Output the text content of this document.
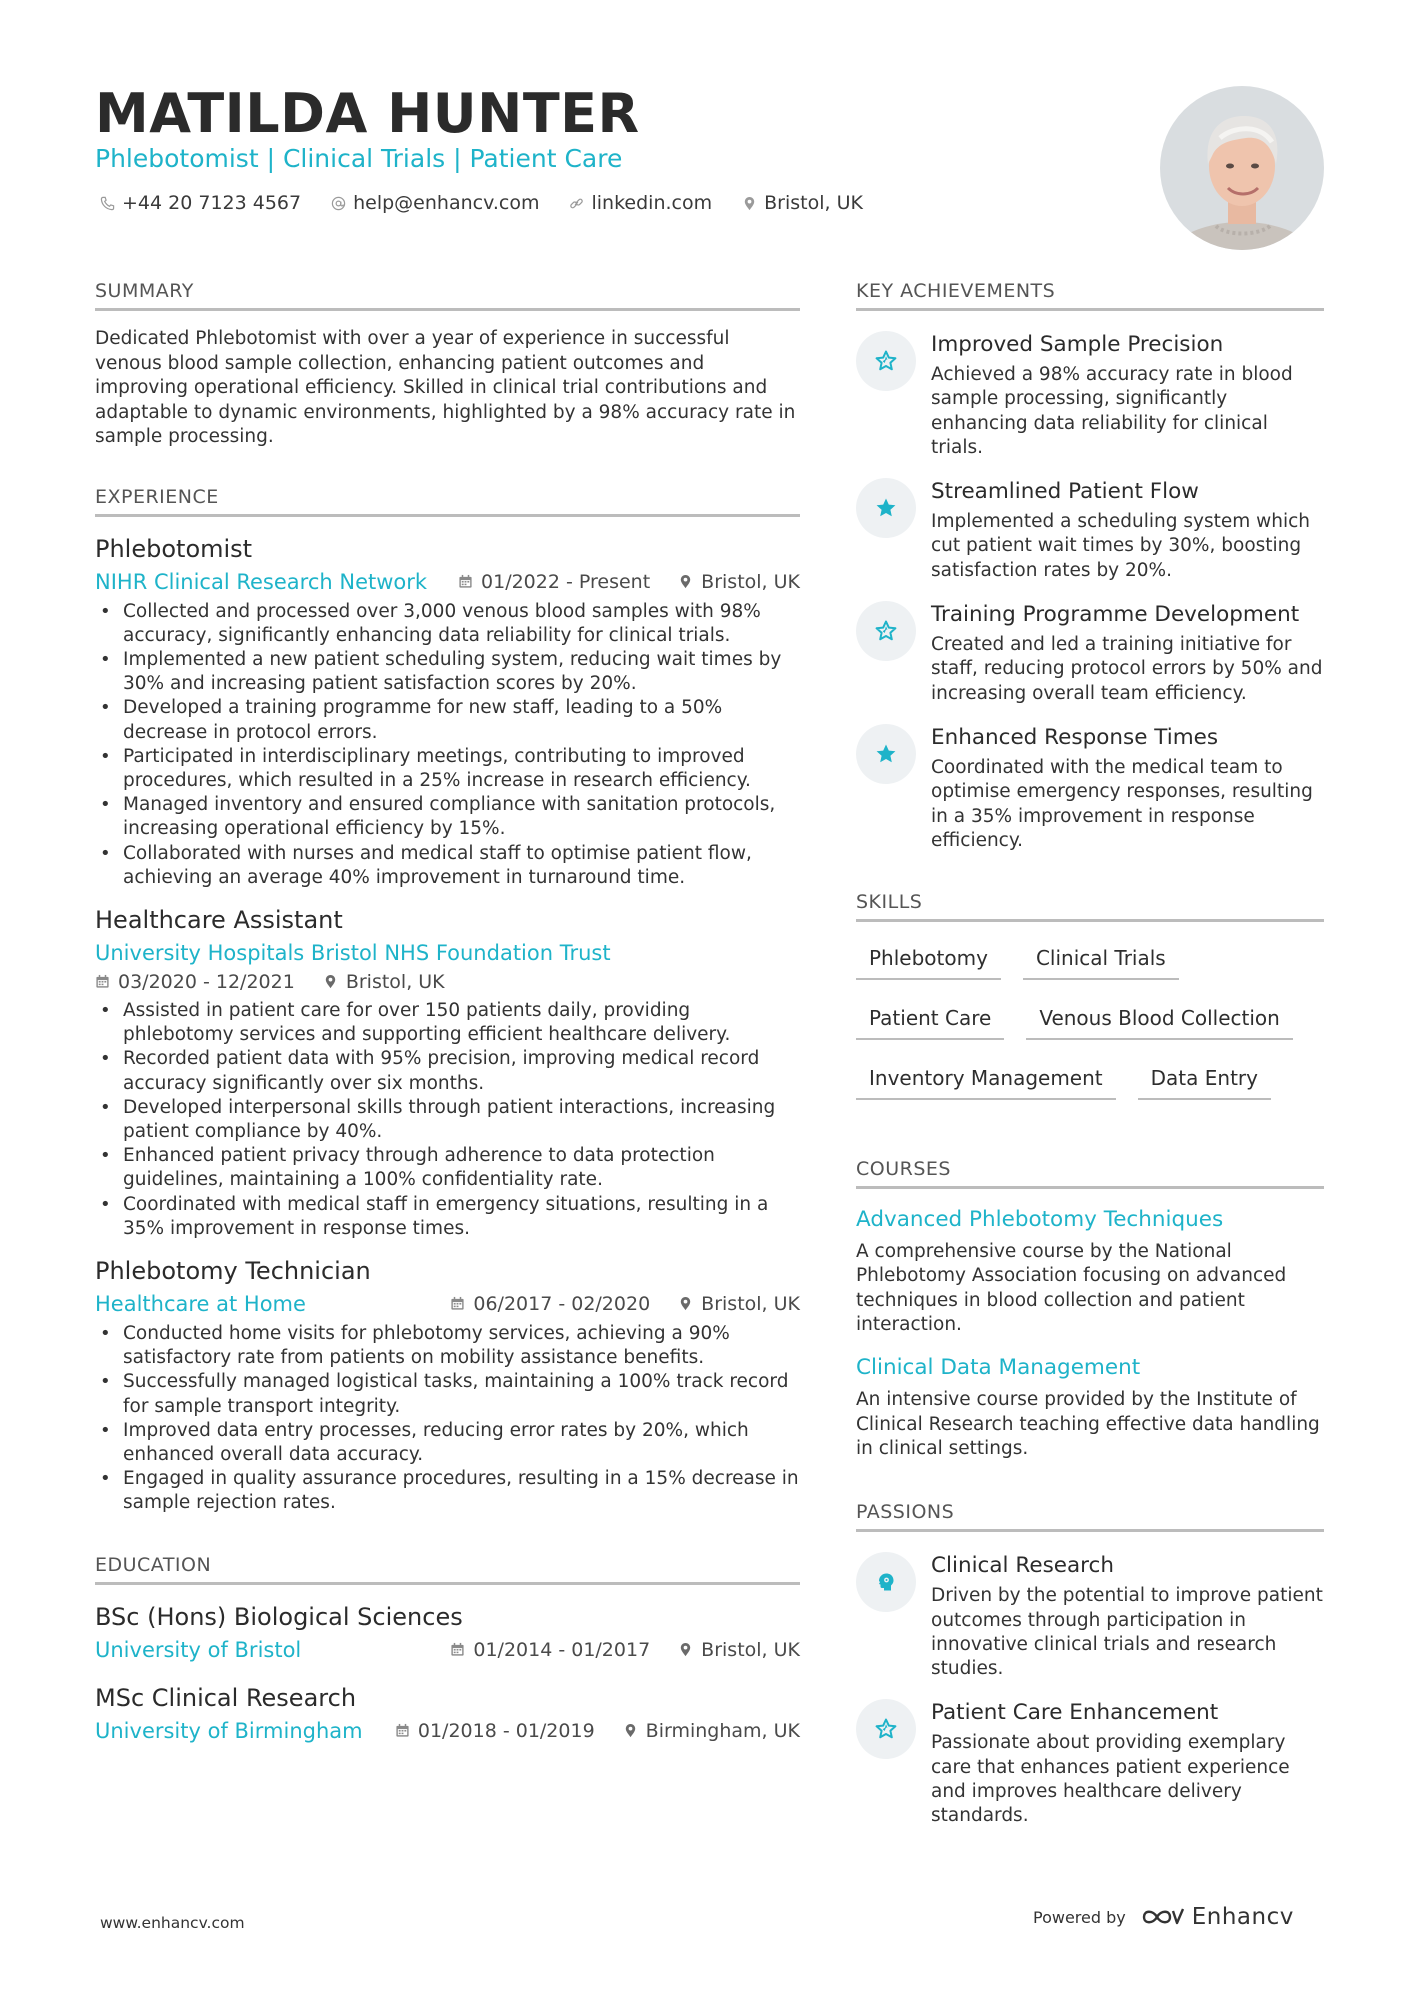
MATILDA HUNTER
Phlebotomist | Clinical Trials | Patient Care
+44 20 7123 4567	help@enhancv.com	linkedin.com	Bristol, UK
SUMMARY
Dedicated Phlebotomist with over a year of experience in successful venous blood sample collection, enhancing patient outcomes and improving operational efficiency. Skilled in clinical trial contributions and adaptable to dynamic environments, highlighted by a 98% accuracy rate in sample processing.
EXPERIENCE
Phlebotomist
NIHR Clinical Research Network	01/2022 - Present	Bristol, UK
• Collected and processed over 3,000 venous blood samples with 98% accuracy, significantly enhancing data reliability for clinical trials.
• Implemented a new patient scheduling system, reducing wait times by 30% and increasing patient satisfaction scores by 20%.
• Developed a training programme for new staff, leading to a 50% decrease in protocol errors.
• Participated in interdisciplinary meetings, contributing to improved procedures, which resulted in a 25% increase in research efficiency.
• Managed inventory and ensured compliance with sanitation protocols, increasing operational efficiency by 15%.
• Collaborated with nurses and medical staff to optimise patient flow, achieving an average 40% improvement in turnaround time.
Healthcare Assistant
University Hospitals Bristol NHS Foundation Trust
03/2020 - 12/2021	Bristol, UK
• Assisted in patient care for over 150 patients daily, providing phlebotomy services and supporting efficient healthcare delivery.
• Recorded patient data with 95% precision, improving medical record accuracy significantly over six months.
• Developed interpersonal skills through patient interactions, increasing patient compliance by 40%.
• Enhanced patient privacy through adherence to data protection guidelines, maintaining a 100% confidentiality rate.
• Coordinated with medical staff in emergency situations, resulting in a 35% improvement in response times.
Phlebotomy Technician
Healthcare at Home	06/2017 - 02/2020	Bristol, UK
• Conducted home visits for phlebotomy services, achieving a 90% satisfactory rate from patients on mobility assistance benefits.
• Successfully managed logistical tasks, maintaining a 100% track record for sample transport integrity.
• Improved data entry processes, reducing error rates by 20%, which enhanced overall data accuracy.
• Engaged in quality assurance procedures, resulting in a 15% decrease in sample rejection rates.
EDUCATION
BSc (Hons) Biological Sciences
University of Bristol	01/2014 - 01/2017	Bristol, UK
MSc Clinical Research
University of Birmingham	01/2018 - 01/2019	Birmingham, UK
KEY ACHIEVEMENTS
Improved Sample Precision
Achieved a 98% accuracy rate in blood sample processing, significantly enhancing data reliability for clinical trials.
Streamlined Patient Flow
Implemented a scheduling system which cut patient wait times by 30%, boosting satisfaction rates by 20%.
Training Programme Development
Created and led a training initiative for staff, reducing protocol errors by 50% and increasing overall team efficiency.
Enhanced Response Times
Coordinated with the medical team to optimise emergency responses, resulting in a 35% improvement in response efficiency.
SKILLS
Phlebotomy	Clinical Trials
Patient Care	Venous Blood Collection
Inventory Management	Data Entry
COURSES
Advanced Phlebotomy Techniques
A comprehensive course by the National Phlebotomy Association focusing on advanced techniques in blood collection and patient interaction.
Clinical Data Management
An intensive course provided by the Institute of Clinical Research teaching effective data handling in clinical settings.
PASSIONS
Clinical Research
Driven by the potential to improve patient outcomes through participation in innovative clinical trials and research studies.
Patient Care Enhancement
Passionate about providing exemplary care that enhances patient experience and improves healthcare delivery standards.
www.enhancv.com	Powered by	Enhancv
